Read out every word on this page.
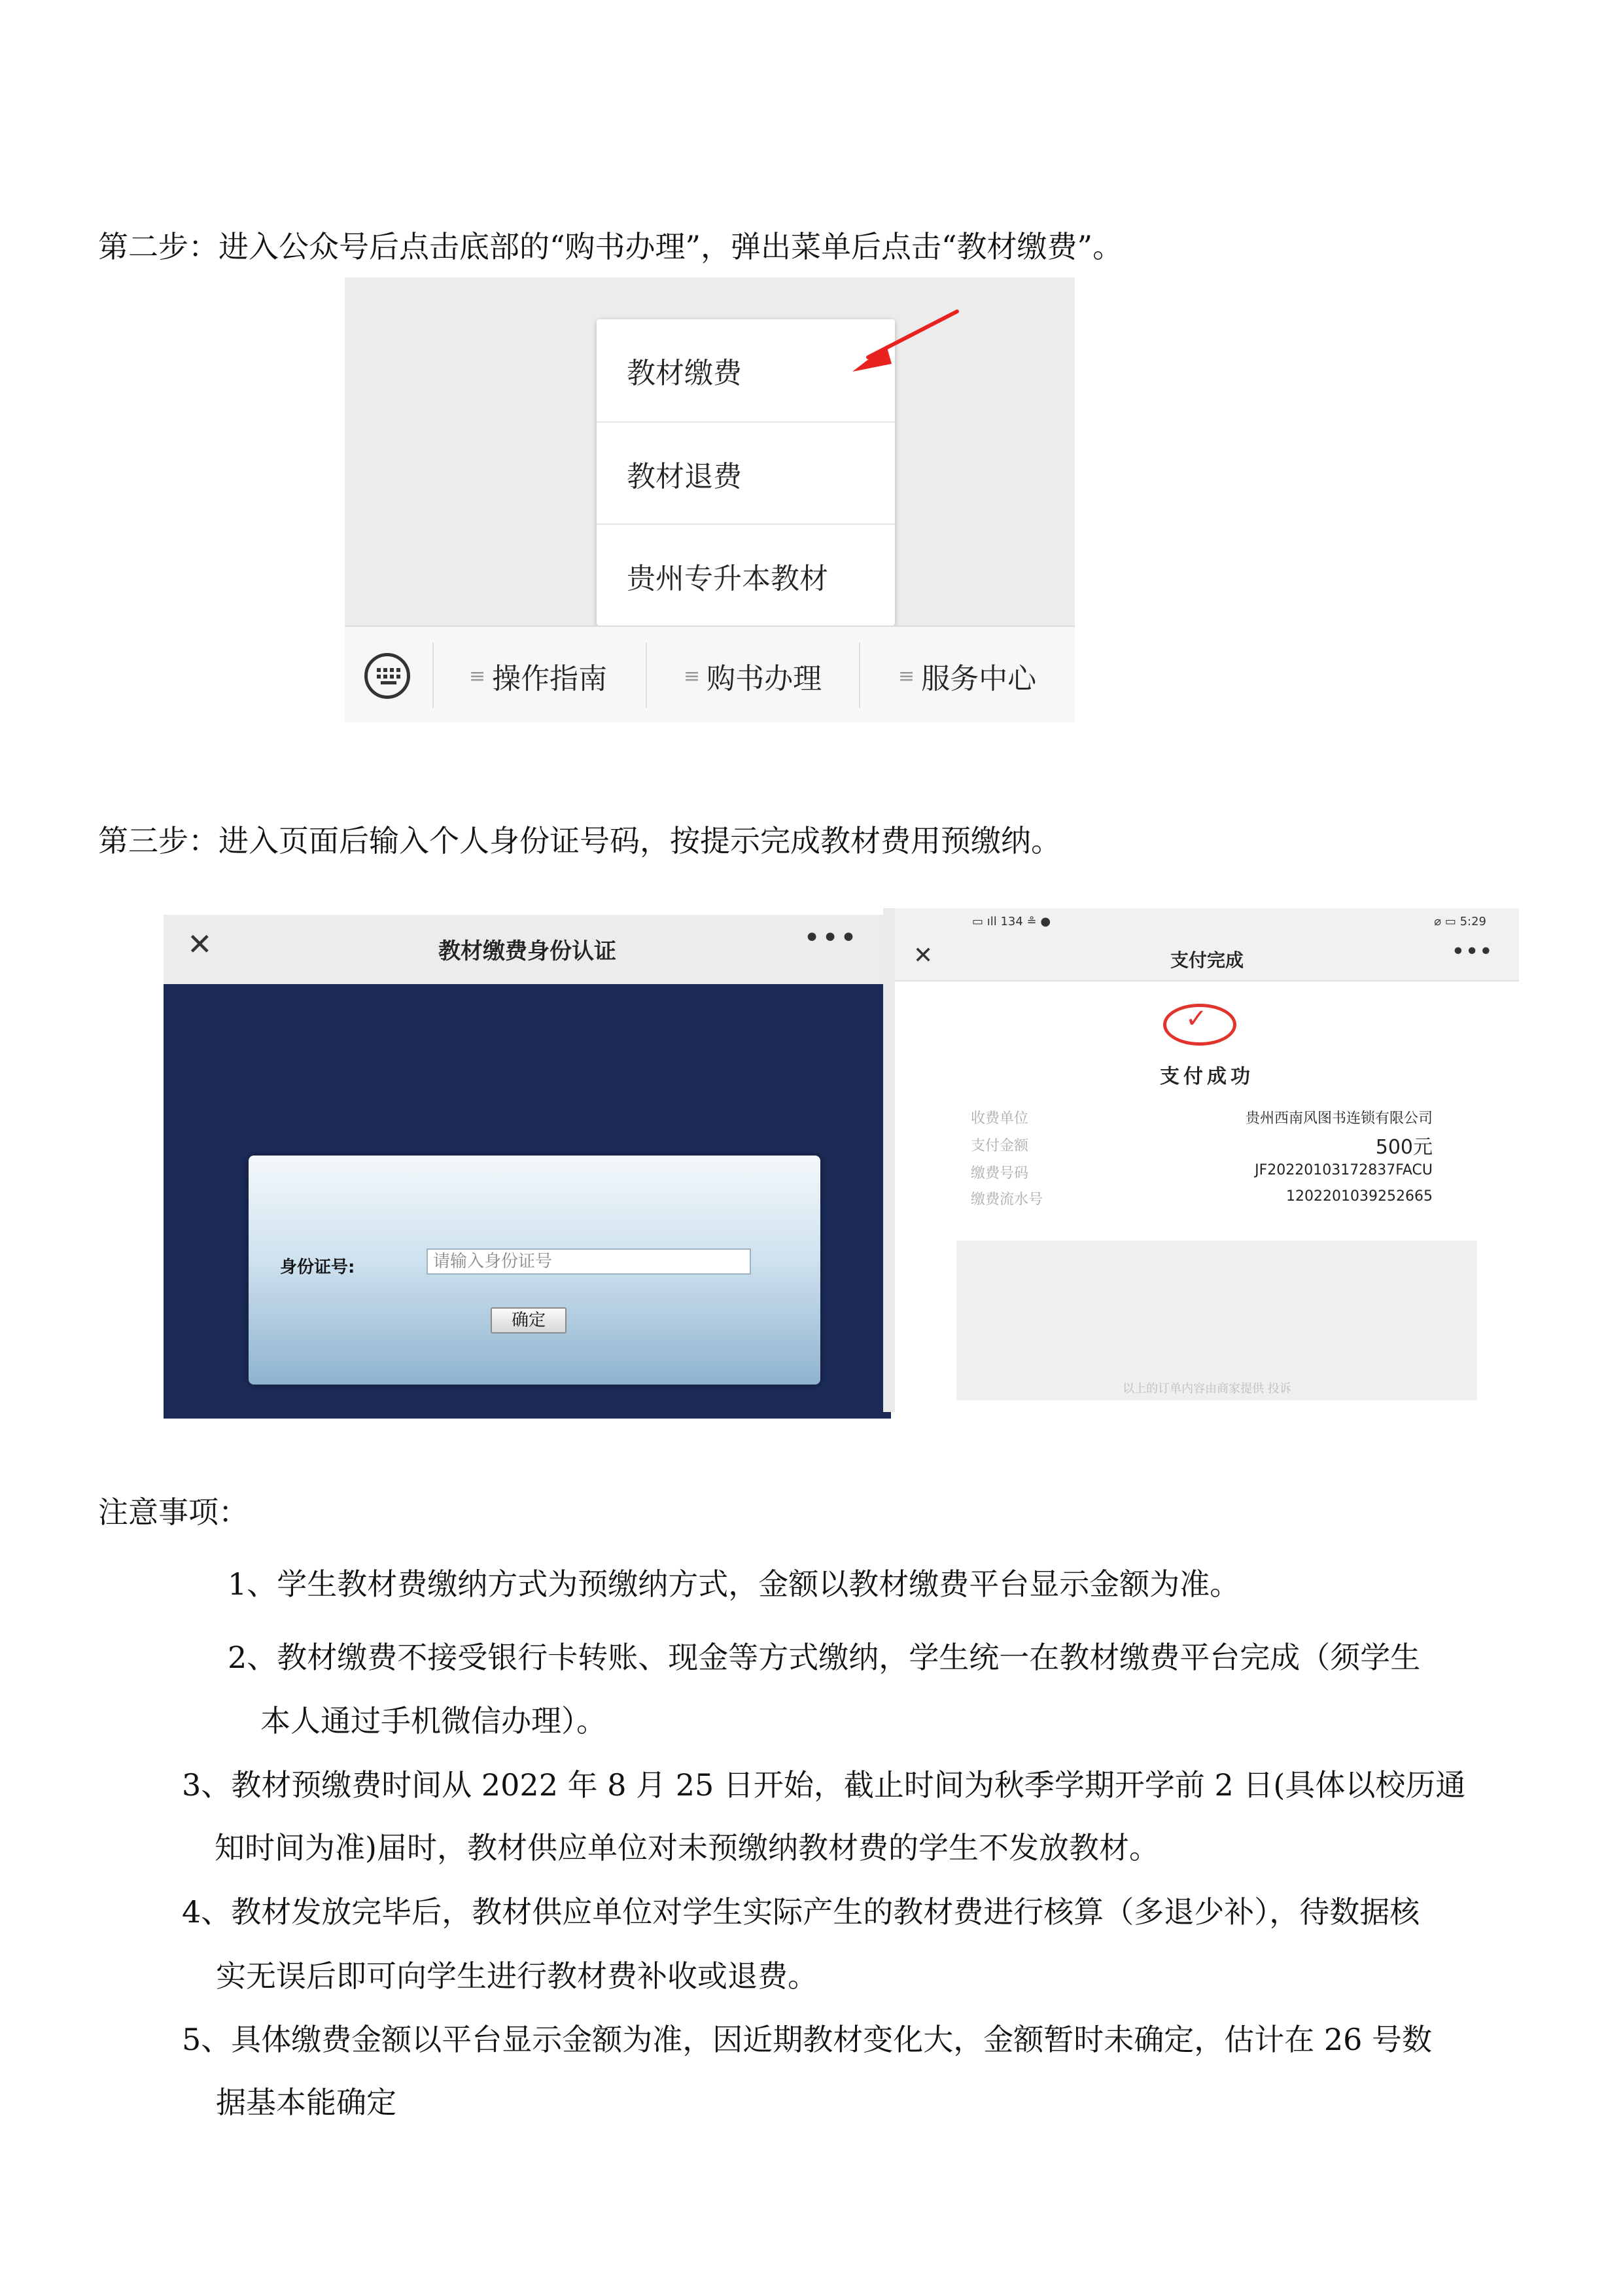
第二步：进入公众号后点击底部的“购书办理”，弹出菜单后点击“教材缴费”。
教材缴费
教材退费
贵州专升本教材
≡ 操作指南	≡ 购书办理	≡ 服务中心
第三步：进入页面后输入个人身份证号码，按提示完成教材费用预缴纳。
✕	教材缴费身份认证	•••
身份证号:	请输入身份证号
确定
▭ ıll 134 ≗ ●	⌀ ▭ 5:29
✕	支付完成	•••
✓
支付成功
收费单位	贵州西南风图书连锁有限公司
支付金额	500元
缴费号码	JF20220103172837FACU
缴费流水号	1202201039252665
以上的订单内容由商家提供 投诉
注意事项：
1、学生教材费缴纳方式为预缴纳方式，金额以教材缴费平台显示金额为准。
2、教材缴费不接受银行卡转账、现金等方式缴纳，学生统一在教材缴费平台完成（须学生
本人通过手机微信办理）。
3、教材预缴费时间从 2022 年 8 月 25 日开始，截止时间为秋季学期开学前 2 日(具体以校历通
知时间为准)届时，教材供应单位对未预缴纳教材费的学生不发放教材。
4、教材发放完毕后，教材供应单位对学生实际产生的教材费进行核算（多退少补），待数据核
实无误后即可向学生进行教材费补收或退费。
5、具体缴费金额以平台显示金额为准，因近期教材变化大，金额暂时未确定，估计在 26 号数
据基本能确定
